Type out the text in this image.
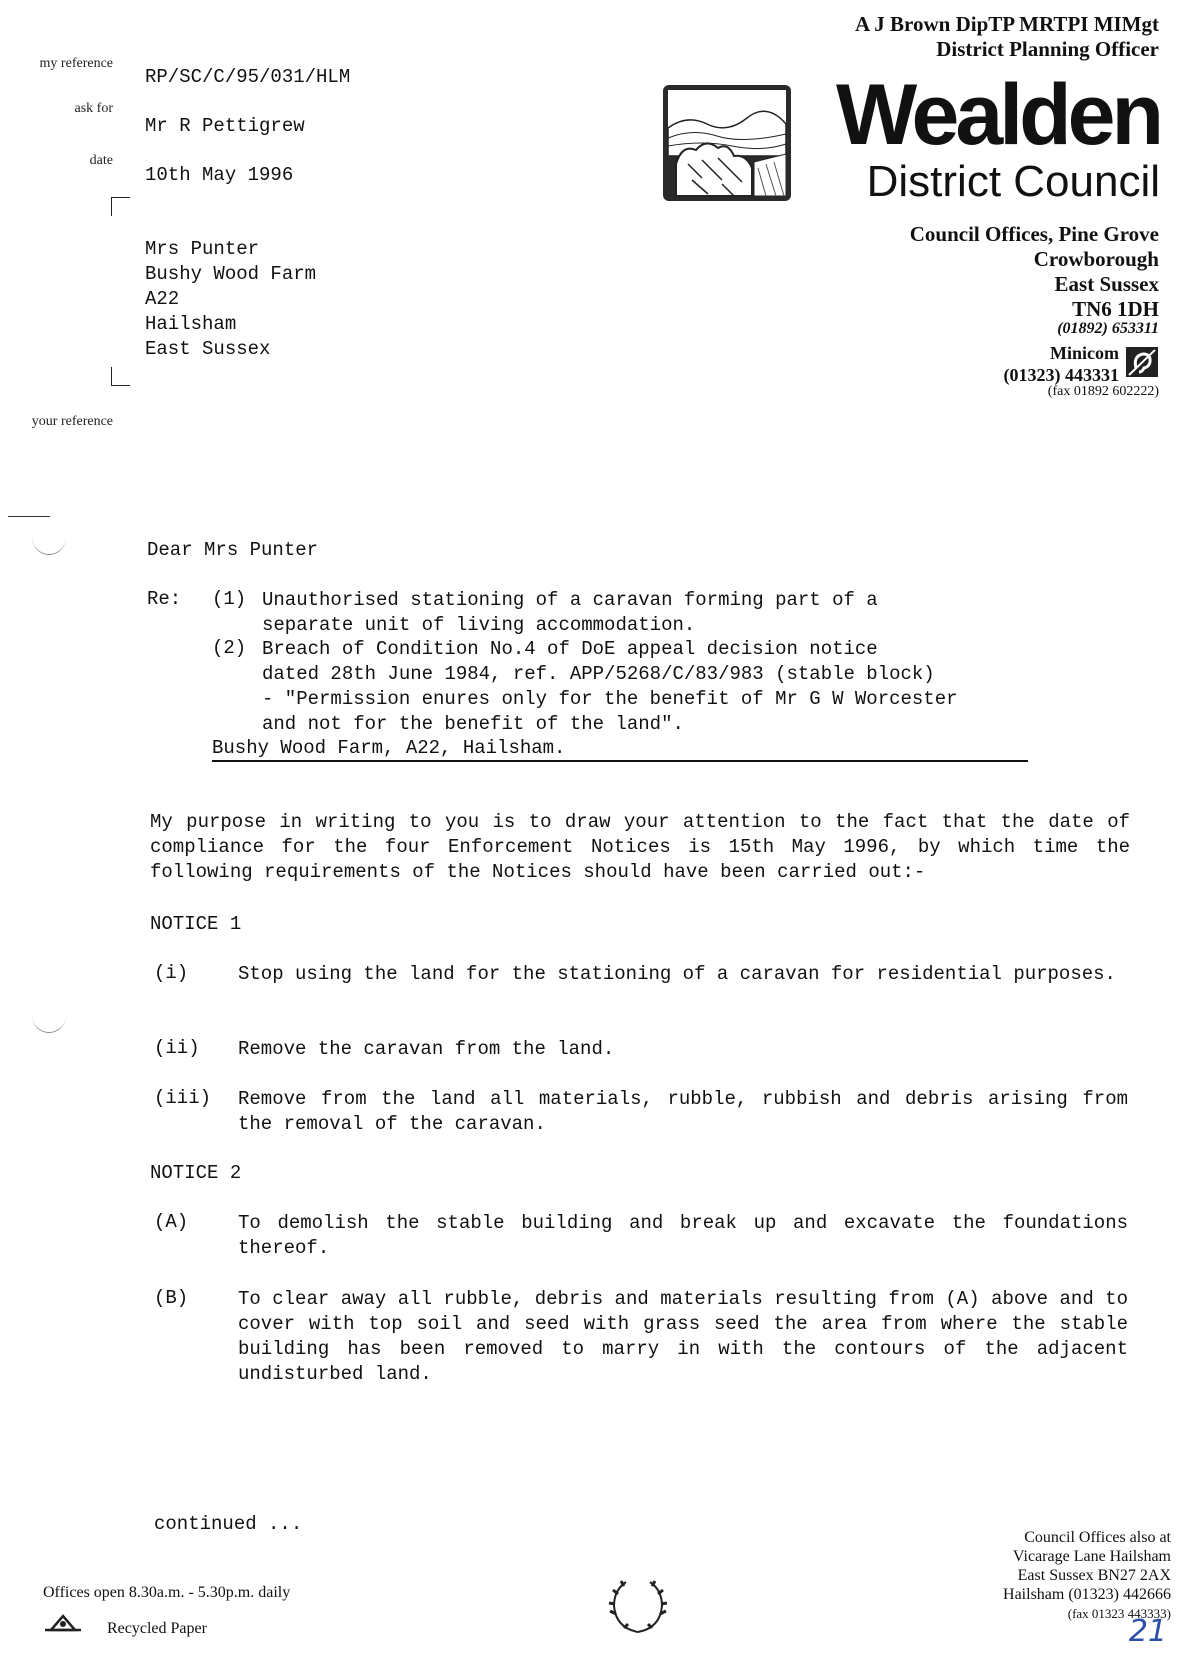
A J Brown DipTP MRTPI MIMgt
District Planning Officer
Wealden
District Council
Council Offices, Pine Grove
Crowborough
East Sussex
TN6 1DH
(01892) 653311
Minicom
(01323) 443331
(fax 01892 602222)
my reference
RP/SC/C/95/031/HLM
ask for
Mr R Pettigrew
date
10th May 1996
your reference
Mrs Punter
Bushy Wood Farm
A22
Hailsham
East Sussex
Dear Mrs Punter
Re: (1) Unauthorised stationing of a caravan forming part of a
separate unit of living accommodation.
(2) Breach of Condition No.4 of DoE appeal decision notice
dated 28th June 1984, ref. APP/5268/C/83/983 (stable block)
- "Permission enures only for the benefit of Mr G W Worcester
and not for the benefit of the land".
Bushy Wood Farm, A22, Hailsham.
My purpose in writing to you is to draw your attention to the fact that the date of compliance for the four Enforcement Notices is 15th May 1996, by which time the following requirements of the Notices should have been carried out:-
NOTICE 1
(i)	Stop using the land for the stationing of a caravan for residential purposes.
(ii)	Remove the caravan from the land.
(iii)	Remove from the land all materials, rubble, rubbish and debris arising from the removal of the caravan.
NOTICE 2
(A)	To demolish the stable building and break up and excavate the foundations thereof.
(B)	To clear away all rubble, debris and materials resulting from (A) above and to cover with top soil and seed with grass seed the area from where the stable building has been removed to marry in with the contours of the adjacent undisturbed land.
continued ...
Offices open 8.30a.m. - 5.30p.m. daily
Recycled Paper
Council Offices also at
Vicarage Lane Hailsham
East Sussex BN27 2AX
Hailsham (01323) 442666
(fax 01323 443333)
21
